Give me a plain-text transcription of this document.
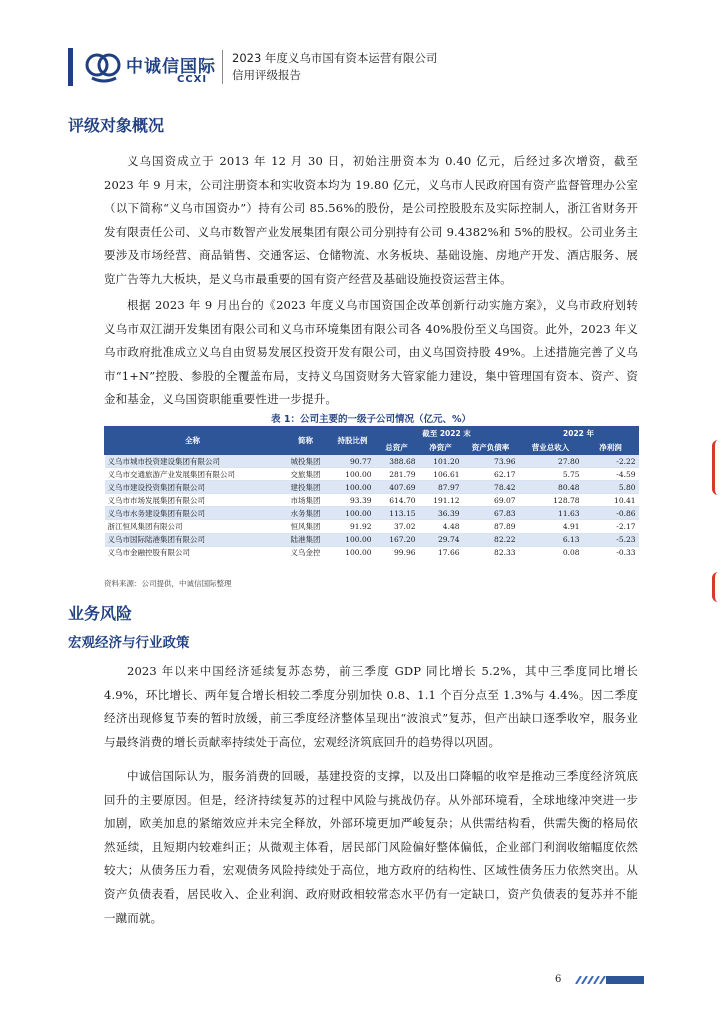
中诚信国际
CCXI
2023 年度义乌市国有资本运营有限公司
信用评级报告
评级对象概况

义乌国资成立于 2013 年 12 月 30 日，初始注册资本为 0.40 亿元，后经过多次增资，截至 2023 年 9 月末，公司注册资本和实收资本均为 19.80 亿元，义乌市人民政府国有资产监督管理办公室（以下简称“义乌市国资办”）持有公司 85.56%的股份，是公司控股股东及实际控制人，浙江省财务开发有限责任公司、义乌市数智产业发展集团有限公司分别持有公司 9.4382%和 5%的股权。公司业务主要涉及市场经营、商品销售、交通客运、仓储物流、水务板块、基础设施、房地产开发、酒店服务、展览广告等九大板块，是义乌市最重要的国有资产经营及基础设施投资运营主体。

根据 2023 年 9 月出台的《2023 年度义乌市国资国企改革创新行动实施方案》，义乌市政府划转义乌市双江湖开发集团有限公司和义乌市环境集团有限公司各 40%股份至义乌国资。此外，2023 年义乌市政府批准成立义乌自由贸易发展区投资开发有限公司，由义乌国资持股 49%。上述措施完善了义乌市“1+N”控股、参股的全覆盖布局，支持义乌国资财务大管家能力建设，集中管理国有资本、资产、资金和基金，义乌国资职能重要性进一步提升。

表 1：公司主要的一级子公司情况（亿元、%）
全称	简称	持股比例	截至 2022 末			2022 年	
			总资产	净资产	资产负债率	营业总收入	净利润
义乌市城市投资建设集团有限公司	城投集团	90.77	388.68	101.20	73.96	27.80	-2.22
义乌市交通旅游产业发展集团有限公司	交旅集团	100.00	281.79	106.61	62.17	5.75	-4.59
义乌市建设投资集团有限公司	建投集团	100.00	407.69	87.97	78.42	80.48	5.80
义乌市市场发展集团有限公司	市场集团	93.39	614.70	191.12	69.07	128.78	10.41
义乌市水务建设集团有限公司	水务集团	100.00	113.15	36.39	67.83	11.63	-0.86
浙江恒风集团有限公司	恒风集团	91.92	37.02	4.48	87.89	4.91	-2.17
义乌市国际陆港集团有限公司	陆港集团	100.00	167.20	29.74	82.22	6.13	-5.23
义乌市金融控股有限公司	义乌金控	100.00	99.96	17.66	82.33	0.08	-0.33
资料来源：公司提供，中诚信国际整理
业务风险
宏观经济与行业政策

2023 年以来中国经济延续复苏态势，前三季度 GDP 同比增长 5.2%，其中三季度同比增长 4.9%，环比增长、两年复合增长相较二季度分别加快 0.8、1.1 个百分点至 1.3%与 4.4%。因二季度经济出现修复节奏的暂时放缓，前三季度经济整体呈现出“波浪式”复苏，但产出缺口逐季收窄，服务业与最终消费的增长贡献率持续处于高位，宏观经济筑底回升的趋势得以巩固。

中诚信国际认为，服务消费的回暖，基建投资的支撑，以及出口降幅的收窄是推动三季度经济筑底回升的主要原因。但是，经济持续复苏的过程中风险与挑战仍存。从外部环境看，全球地缘冲突进一步加剧，欧美加息的紧缩效应并未完全释放，外部环境更加严峻复杂；从供需结构看，供需失衡的格局依然延续，且短期内较难纠正；从微观主体看，居民部门风险偏好整体偏低，企业部门利润收缩幅度依然较大；从债务压力看，宏观债务风险持续处于高位，地方政府的结构性、区域性债务压力依然突出。从资产负债表看，居民收入、企业利润、政府财政相较常态水平仍有一定缺口，资产负债表的复苏并不能一蹴而就。

6
